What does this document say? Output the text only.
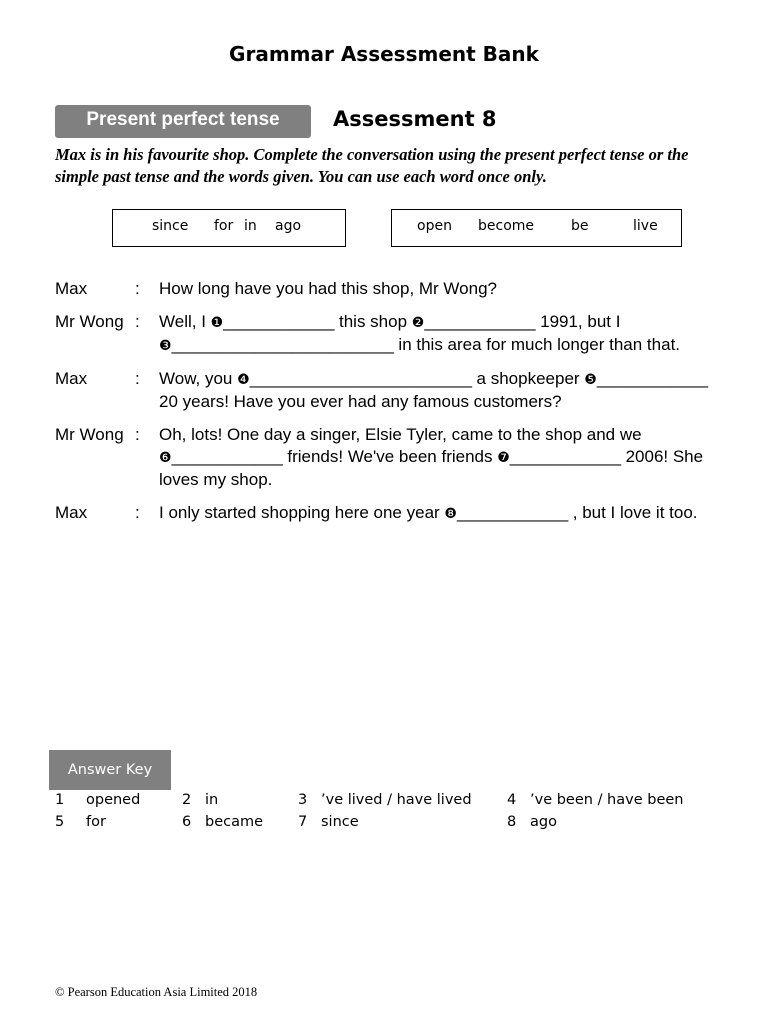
Grammar Assessment Bank
Present perfect tense	Assessment 8
Max is in his favourite shop. Complete the conversation using the present perfect tense or the simple past tense and the words given. You can use each word once only.
since for in ago	open become	be	live
Max	: How long have you had this shop, Mr Wong?
Mr Wong : Well, I ❶____________ this shop ❷____________ 1991, but I ❸________________________ in this area for much longer than that.
Max	: Wow, you ❹________________________ a shopkeeper ❺____________ 20 years! Have you ever had any famous customers?
Mr Wong : Oh, lots! One day a singer, Elsie Tyler, came to the shop and we ❻____________ friends! We've been friends ❼____________ 2006! She loves my shop.
Max	: I only started shopping here one year ❽____________ , but I love it too.
Answer Key
1 opened	2 in	3 ’ve lived / have lived 4 ’ve been / have been
5 for	6 became 7 since	8 ago
© Pearson Education Asia Limited 2018
